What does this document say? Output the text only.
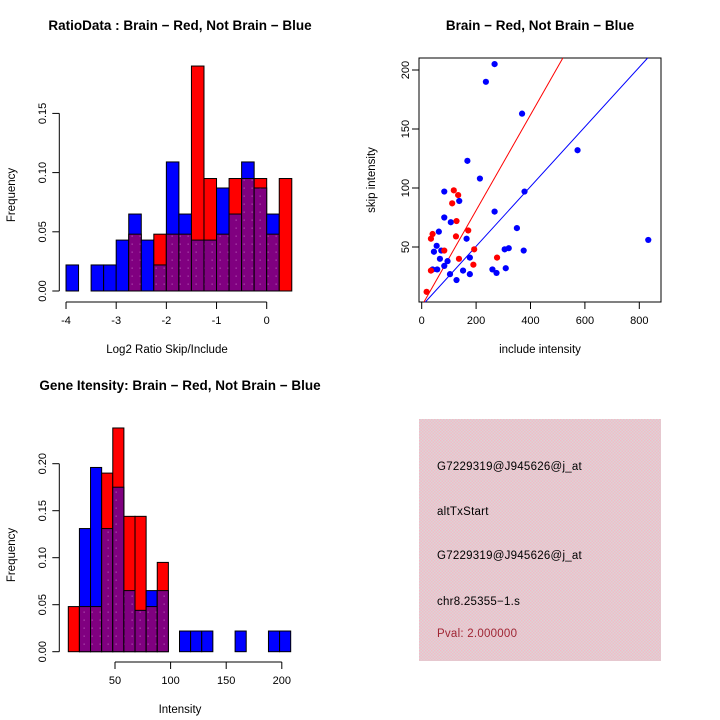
0.00
0.05
0.10
0.15
-4	-3	-2	-1	0
RatioData : Brain − Red, Not Brain − Blue
Log2 Ratio Skip/Include
Frequency
0	200	400	600	800
50
100
150
200
Brain − Red, Not Brain − Blue
include intensity
skip intensity
0.00
0.05
0.10
0.15
0.20
50	100	150	200
Gene Itensity: Brain − Red, Not Brain − Blue
Intensity
Frequency
G7229319@J945626@j_at
altTxStart
G7229319@J945626@j_at
chr8.25355−1.s
Pval: 2.000000
